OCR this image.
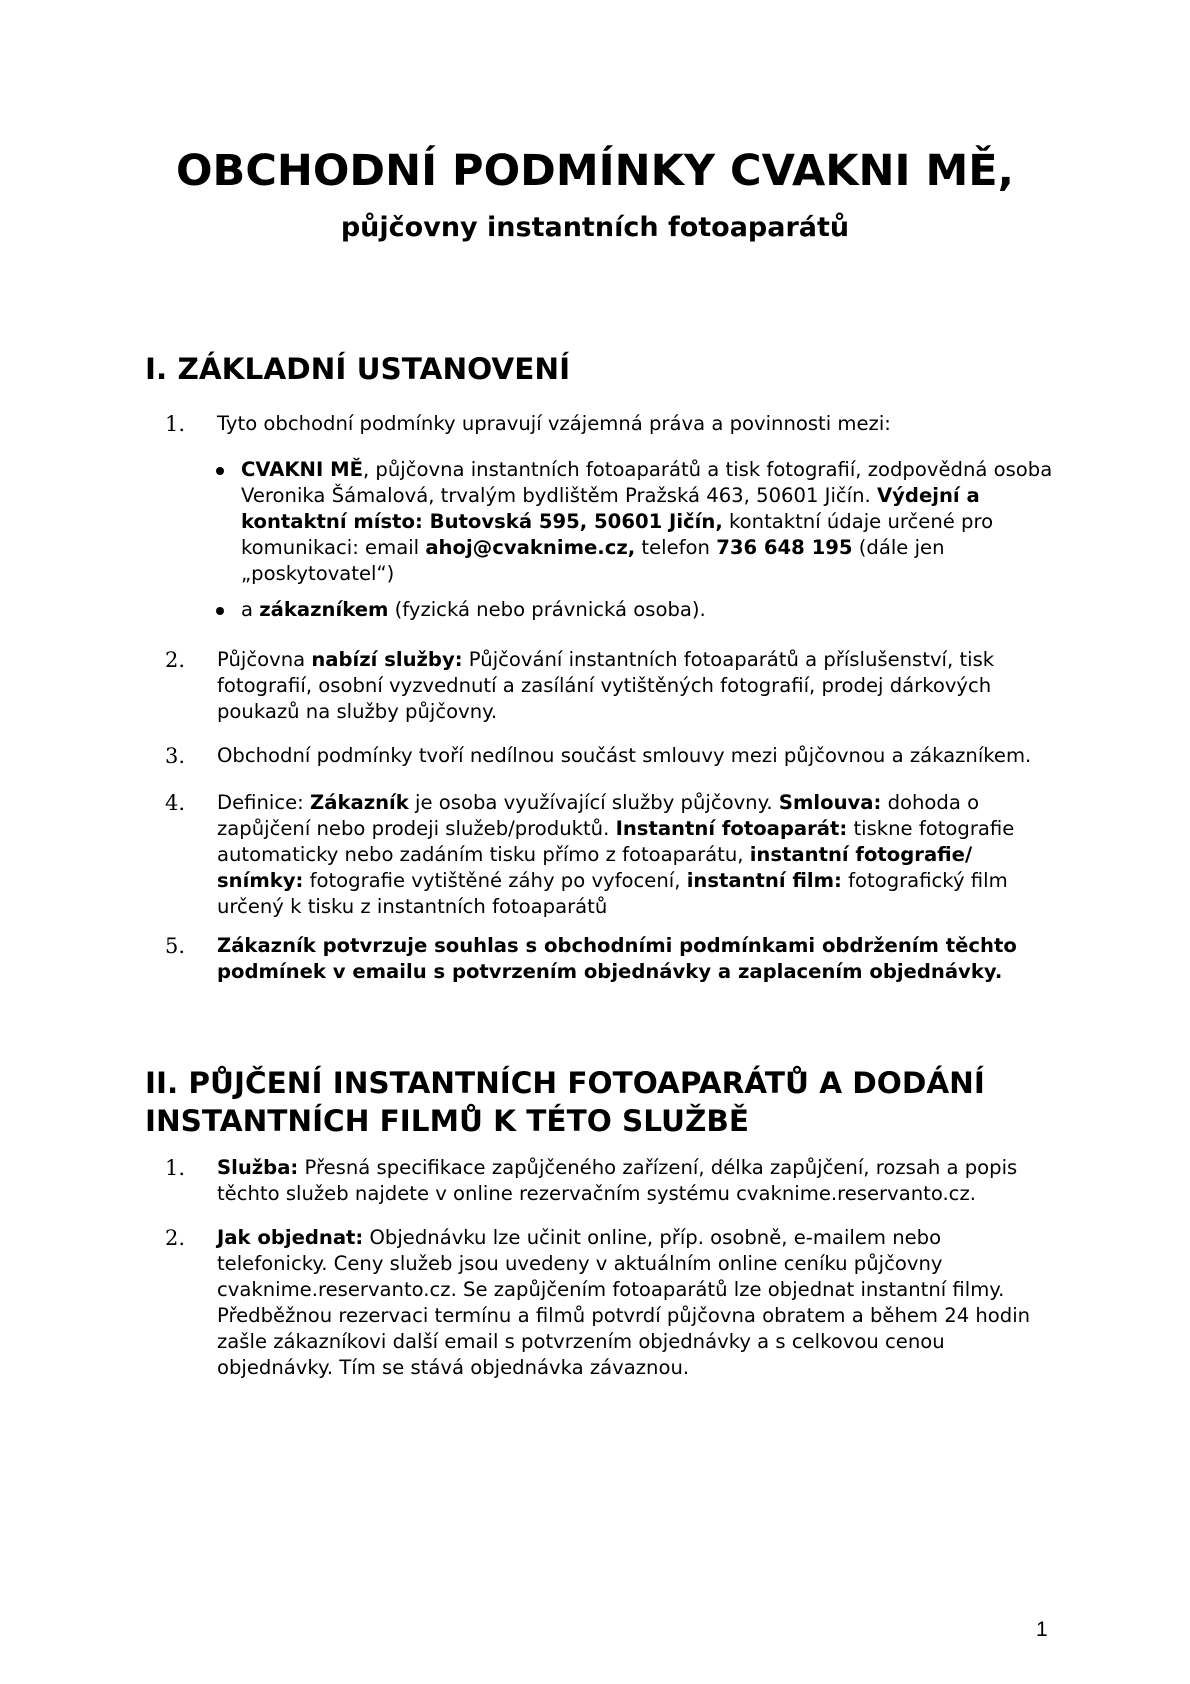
OBCHODNÍ PODMÍNKY CVAKNI MĚ,
půjčovny instantních fotoaparátů
I. ZÁKLADNÍ USTANOVENÍ
1. Tyto obchodní podmínky upravují vzájemná práva a povinnosti mezi:
CVAKNI MĚ, půjčovna instantních fotoaparátů a tisk fotografií, zodpovědná osoba Veronika Šámalová, trvalým bydlištěm Pražská 463, 50601 Jičín. Výdejní a kontaktní místo: Butovská 595, 50601 Jičín, kontaktní údaje určené pro komunikaci: email ahoj@cvaknime.cz, telefon 736 648 195 (dále jen „poskytovatel“)
a zákazníkem (fyzická nebo právnická osoba).
2. Půjčovna nabízí služby: Půjčování instantních fotoaparátů a příslušenství, tisk fotografií, osobní vyzvednutí a zasílání vytištěných fotografií, prodej dárkových poukazů na služby půjčovny.
3. Obchodní podmínky tvoří nedílnou součást smlouvy mezi půjčovnou a zákazníkem.
4. Definice: Zákazník je osoba využívající služby půjčovny. Smlouva: dohoda o zapůjčení nebo prodeji služeb/produktů. Instantní fotoaparát: tiskne fotografie automaticky nebo zadáním tisku přímo z fotoaparátu, instantní fotografie/ snímky: fotografie vytištěné záhy po vyfocení, instantní film: fotografický film určený k tisku z instantních fotoaparátů
5. Zákazník potvrzuje souhlas s obchodními podmínkami obdržením těchto podmínek v emailu s potvrzením objednávky a zaplacením objednávky.
II. PŮJČENÍ INSTANTNÍCH FOTOAPARÁTŮ A DODÁNÍ
INSTANTNÍCH FILMŮ K TÉTO SLUŽBĚ
1. Služba: Přesná specifikace zapůjčeného zařízení, délka zapůjčení, rozsah a popis těchto služeb najdete v online rezervačním systému cvaknime.reservanto.cz.
2. Jak objednat: Objednávku lze učinit online, příp. osobně, e-mailem nebo telefonicky. Ceny služeb jsou uvedeny v aktuálním online ceníku půjčovny cvaknime.reservanto.cz. Se zapůjčením fotoaparátů lze objednat instantní filmy. Předběžnou rezervaci termínu a filmů potvrdí půjčovna obratem a během 24 hodin zašle zákazníkovi další email s potvrzením objednávky a s celkovou cenou objednávky. Tím se stává objednávka závaznou.
1
